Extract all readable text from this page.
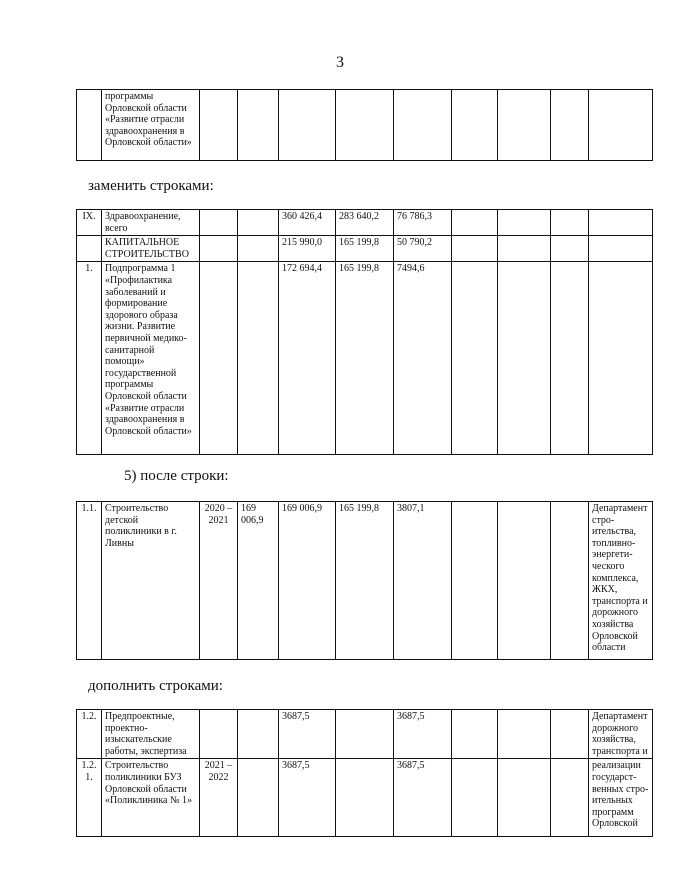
3
	программы Орловской области «Развитие отрасли здравоохранения в Орловской области»									
заменить строками:
IX.	Здравоохранение, всего			360 426,4	283 640,2	76 786,3				
	КАПИТАЛЬНОЕ СТРОИТЕЛЬСТВО			215 990,0	165 199,8	50 790,2				
1.	Подпрограмма 1 «Профилактика заболеваний и формирование здорового образа жизни. Развитие первичной медико-санитарной помощи» государственной программы Орловской области «Развитие отрасли здравоохранения в Орловской области»			172 694,4	165 199,8	7494,6				
5) после строки:
1.1.	Строительство детской поликлиники в г. Ливны	2020 – 2021	169 006,9	169 006,9	165 199,8	3807,1				Департамент стро-ительства, топливно-энергети-ческого комплекса, ЖКХ, транспорта и дорожного хозяйства Орловской области
дополнить строками:
1.2.	Предпроектные, проектно-изыскательские работы, экспертиза			3687,5		3687,5				Департамент дорожного хозяйства, транспорта и
1.2.1.	Строительство поликлиники БУЗ Орловской области «Поликлиника № 1»	2021 – 2022		3687,5		3687,5				реализации государст-венных стро-ительных программ Орловской
